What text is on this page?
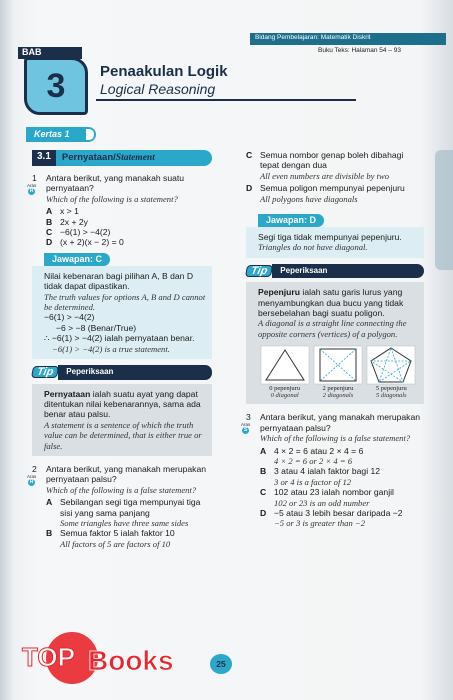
Bidang Pembelajaran: Matematik Diskrit
Buku Teks: Halaman 54 – 93
BAB
3 Penaakulan Logik
Logical Reasoning
Kertas 1
3.1	Pernyataan/Statement
1
Aras
R
Antara berikut, yang manakah suatu pernyataan?
Which of the following is a statement?
A x > 1
B 2x + 2y
C −6(1) > −4(2)
D (x + 2)(x − 2) = 0
Jawapan: C
Nilai kebenaran bagi pilihan A, B dan D tidak dapat dipastikan.
The truth values for options A, B and D cannot be determined.
−6(1) > −4(2)
−6 > −8 (Benar/True)
∴ −6(1) > −4(2) ialah pernyataan benar.
−6(1) > −4(2) is a true statement.
Tip	Peperiksaan
Pernyataan ialah suatu ayat yang dapat ditentukan nilai kebenarannya, sama ada benar atau palsu.
A statement is a sentence of which the truth value can be determined, that is either true or false.
2
Aras
R
Antara berikut, yang manakah merupakan pernyataan palsu?
Which of the following is a false statement?
A Sebilangan segi tiga mempunyai tiga sisi yang sama panjang
Some triangles have three same sides
B Semua faktor 5 ialah faktor 10
All factors of 5 are factors of 10
C Semua nombor genap boleh dibahagi tepat dengan dua
All even numbers are divisible by two
D Semua poligon mempunyai pepenjuru
All polygons have diagonals
Jawapan: D
Segi tiga tidak mempunyai pepenjuru.
Triangles do not have diagonal.
Tip	Peperiksaan
Pepenjuru ialah satu garis lurus yang menyambungkan dua bucu yang tidak bersebelahan bagi suatu poligon.
A diagonal is a straight line connecting the opposite corners (vertices) of a polygon.
0 pepenjuru
0 diagonal
2 pepenjuru
2 diagonals
5 pepenjuru
5 diagonals
3
Aras
S
Antara berikut, yang manakah merupakan pernyataan palsu?
Which of the following is a false statement?
A 4 × 2 = 6 atau 2 × 4 = 6
4 × 2 = 6 or 2 × 4 = 6
B 3 atau 4 ialah faktor bagi 12
3 or 4 is a factor of 12
C 102 atau 23 ialah nombor ganjil
102 or 23 is an odd number
D −5 atau 3 lebih besar daripada −2
−5 or 3 is greater than −2
25
TOP Books
